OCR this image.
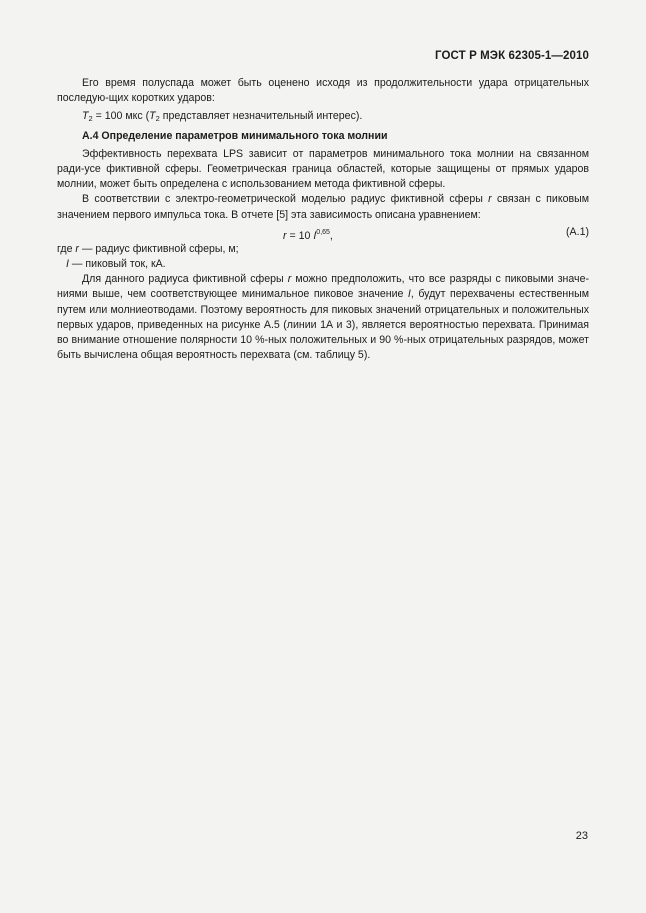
ГОСТ Р МЭК 62305-1—2010

Его время полуспада может быть оценено исходя из продолжительности удара отрицательных последую-щих коротких ударов:

$T_2 = 100$ мкс ($T_2$ представляет незначительный интерес).

А.4 Определение параметров минимального тока молнии

Эффективность перехвата LPS зависит от параметров минимального тока молнии на связанном ради-усе фиктивной сферы. Геометрическая граница областей, которые защищены от прямых ударов молнии, может быть определена с использованием метода фиктивной сферы.

В соответствии с электро-геометрической моделью радиус фиктивной сферы r связан с пиковым значением первого импульса тока. В отчете [5] эта зависимость описана уравнением:

r = 10 I$^{0,65}$,	(А.1)

где r — радиус фиктивной сферы, м;

I — пиковый ток, кА.

Для данного радиуса фиктивной сферы r можно предположить, что все разряды с пиковыми значе-ниями выше, чем соответствующее минимальное пиковое значение I, будут перехвачены естественным путем или молниеотводами. Поэтому вероятность для пиковых значений отрицательных и положительных первых ударов, приведенных на рисунке А.5 (линии 1А и 3), является вероятностью перехвата. Принимая во внимание отношение полярности 10 %-ных положительных и 90 %-ных отрицательных разрядов, может быть вычислена общая вероятность перехвата (см. таблицу 5).

23
